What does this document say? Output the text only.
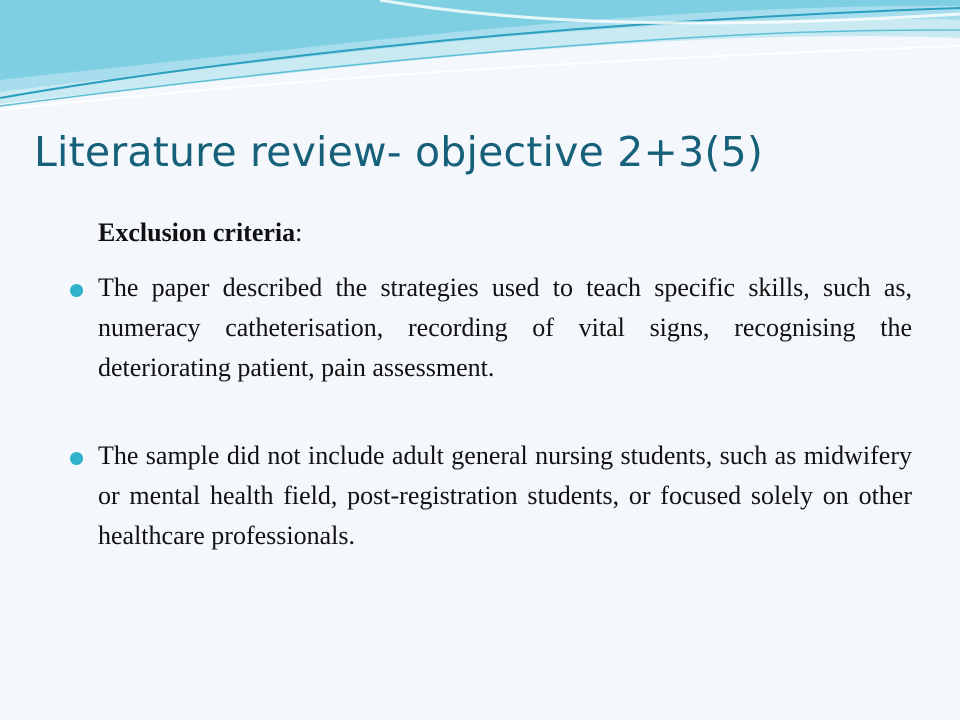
Literature review- objective 2+3(5)
Exclusion criteria:
The paper described the strategies used to teach specific skills, such as, numeracy catheterisation, recording of vital signs, recognising the deteriorating patient, pain assessment.
The sample did not include adult general nursing students, such as midwifery or mental health field, post-registration students, or focused solely on other healthcare professionals.
